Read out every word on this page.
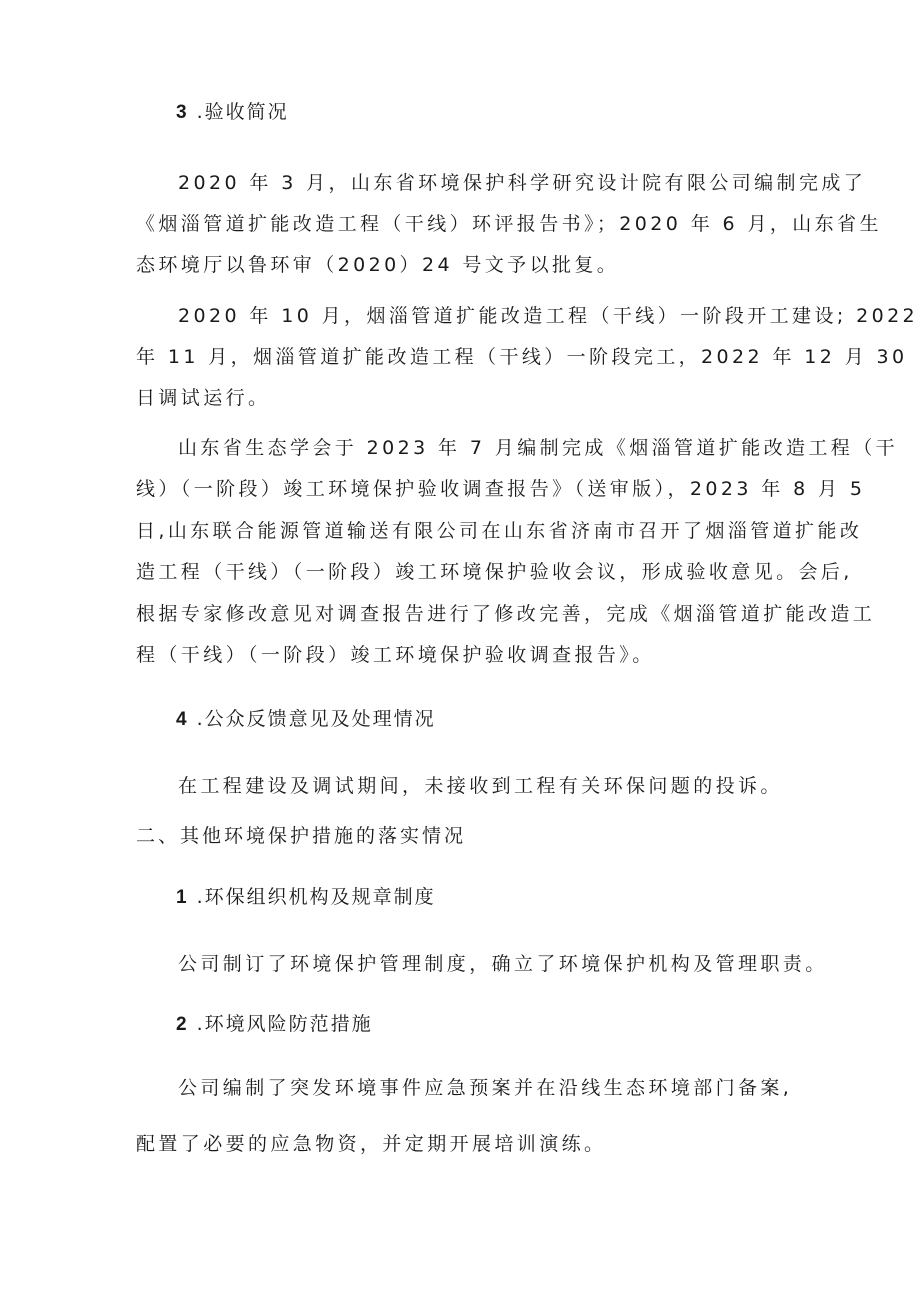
3 .验收简况
2020 年 3 月，山东省环境保护科学研究设计院有限公司编制完成了
《烟淄管道扩能改造工程（干线）环评报告书》；2020 年 6 月，山东省生
态环境厅以鲁环审（2020）24 号文予以批复。
2020 年 10 月，烟淄管道扩能改造工程（干线）一阶段开工建设; 2022
年 11 月，烟淄管道扩能改造工程（干线）一阶段完工，2022 年 12 月 30
日调试运行。
山东省生态学会于 2023 年 7 月编制完成《烟淄管道扩能改造工程（干
线）（一阶段）竣工环境保护验收调查报告》（送审版），2023 年 8 月 5
日,山东联合能源管道输送有限公司在山东省济南市召开了烟淄管道扩能改
造工程（干线）（一阶段）竣工环境保护验收会议，形成验收意见。会后,
根据专家修改意见对调查报告进行了修改完善，完成《烟淄管道扩能改造工
程（干线）（一阶段）竣工环境保护验收调查报告》。
4 .公众反馈意见及处理情况
在工程建设及调试期间，未接收到工程有关环保问题的投诉。
二、其他环境保护措施的落实情况
1 .环保组织机构及规章制度
公司制订了环境保护管理制度，确立了环境保护机构及管理职责。
2 .环境风险防范措施
公司编制了突发环境事件应急预案并在沿线生态环境部门备案,
配置了必要的应急物资，并定期开展培训演练。
